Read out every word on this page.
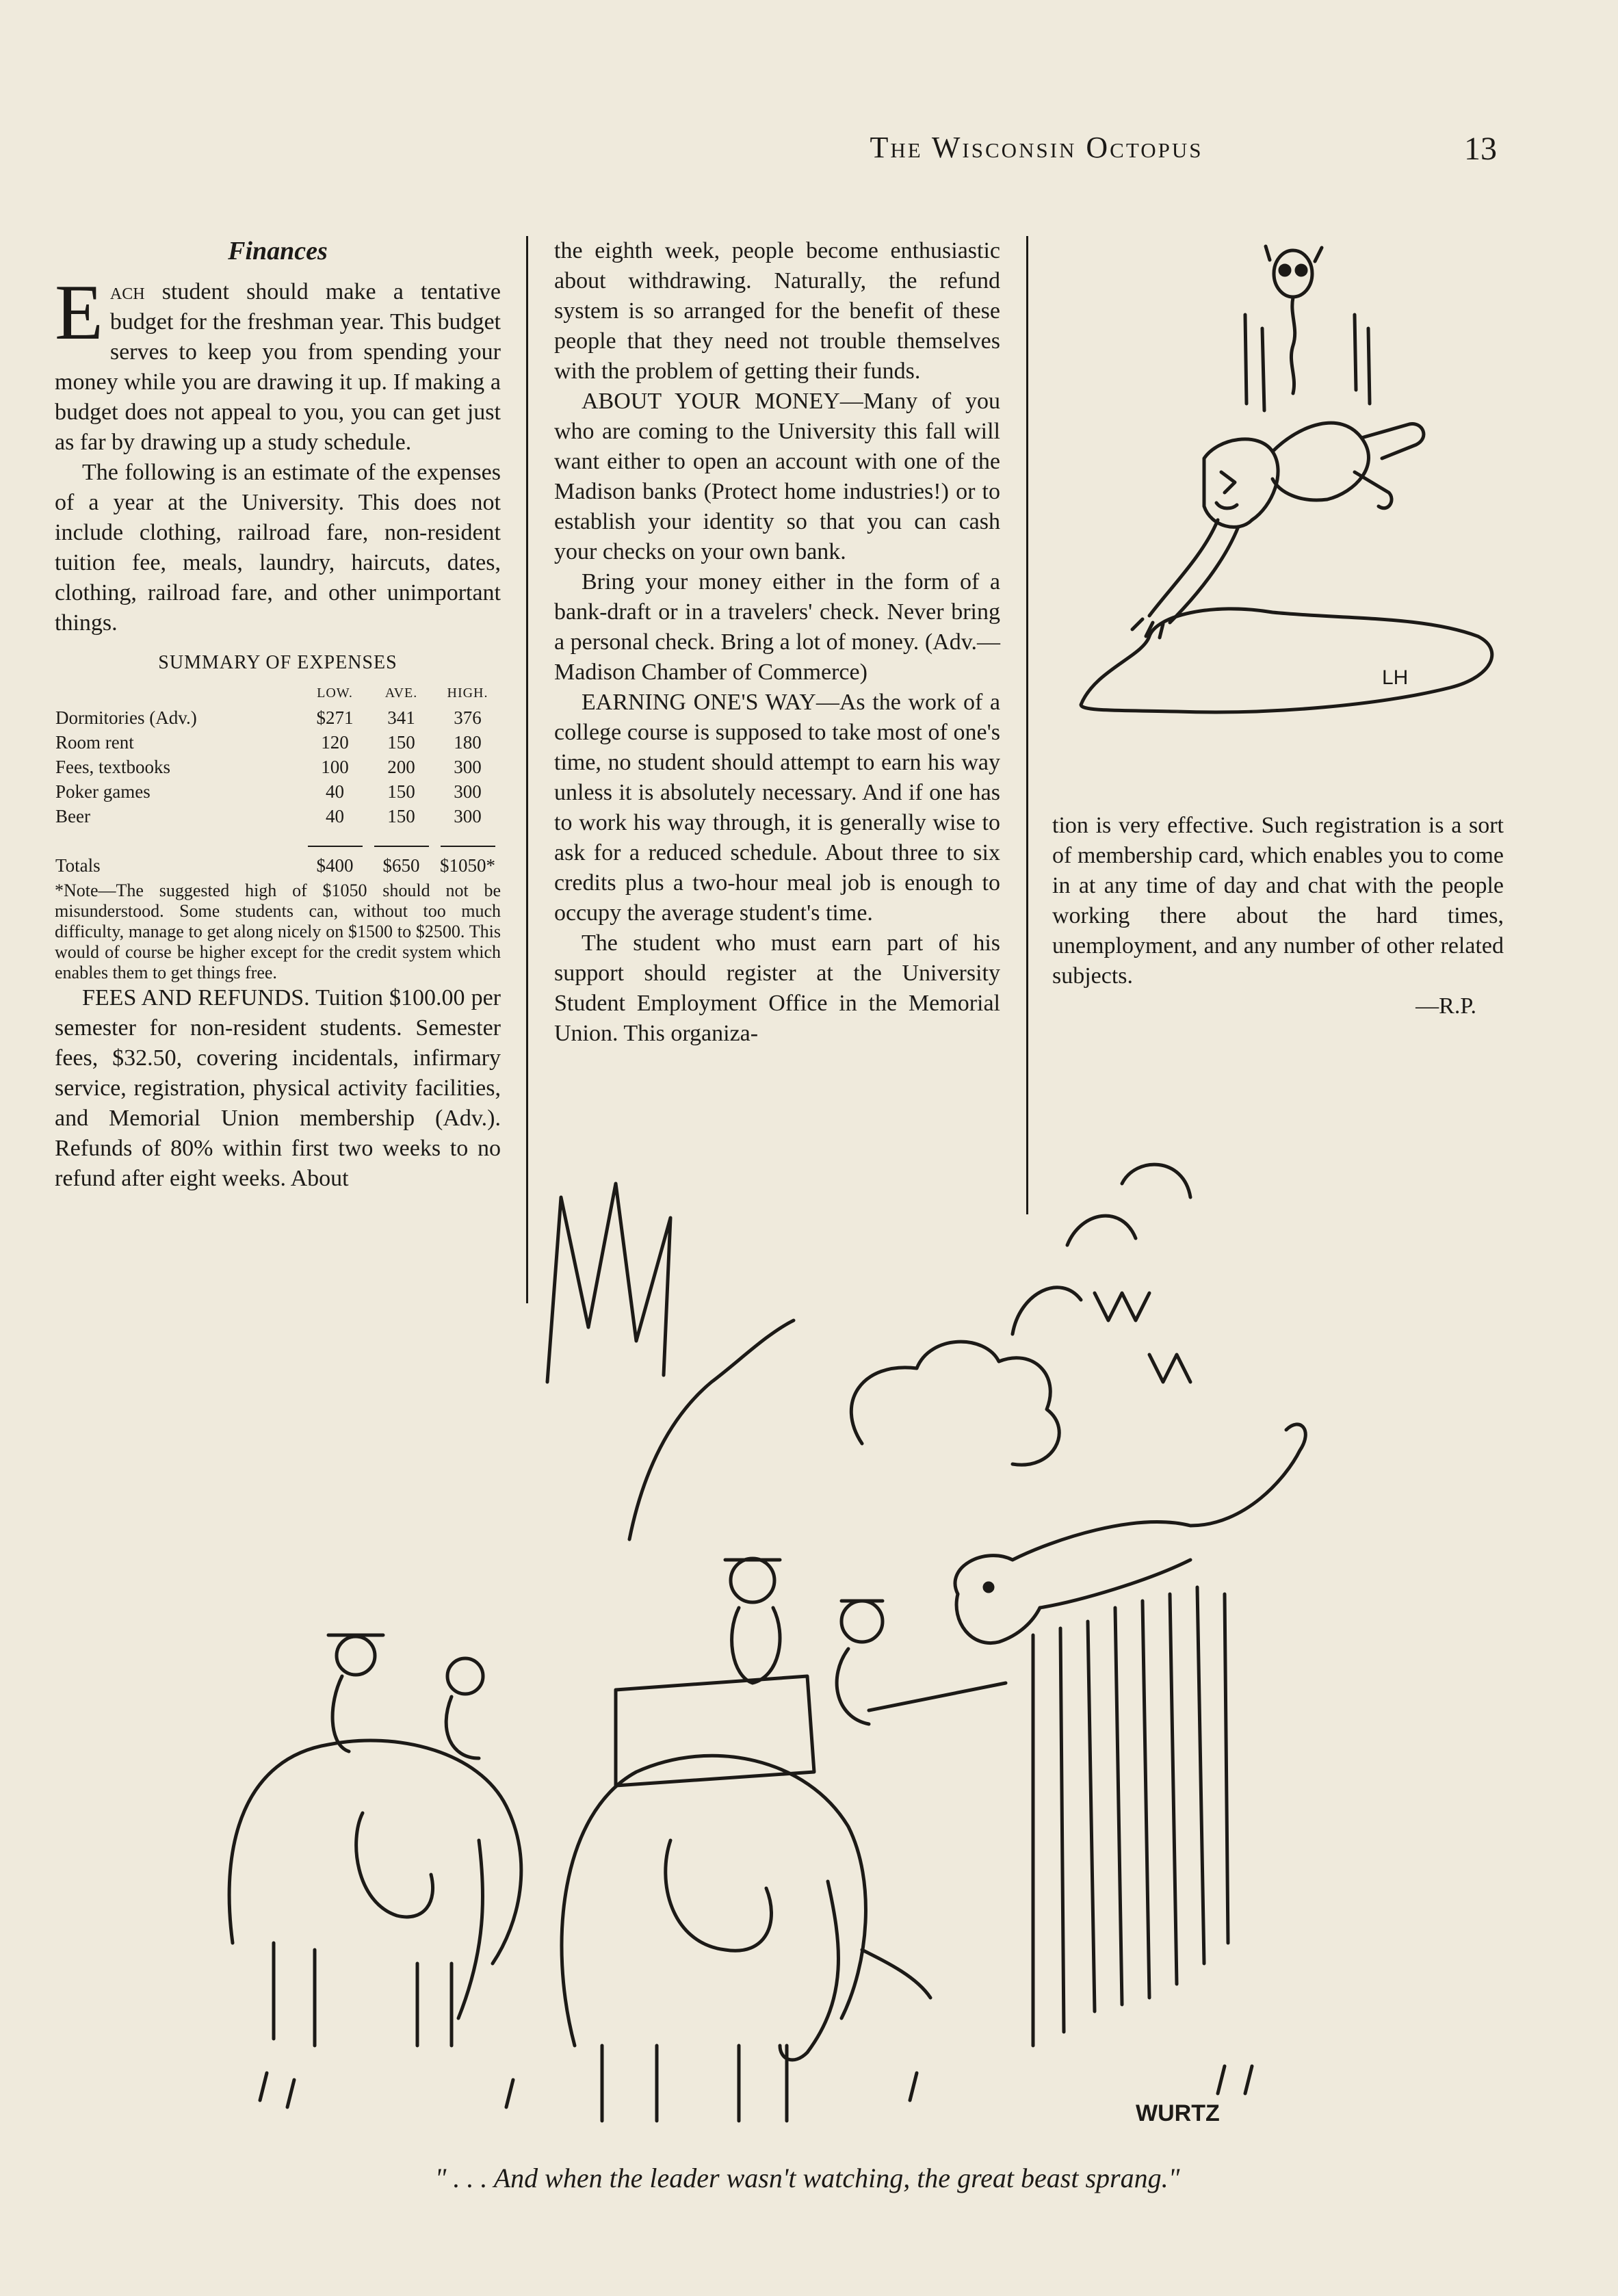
The Wisconsin Octopus	13
Finances

Each student should make a tentative budget for the freshman year. This budget serves to keep you from spending your money while you are drawing it up. If making a budget does not appeal to you, you can get just as far by drawing up a study schedule.

The following is an estimate of the expenses of a year at the University. This does not include clothing, railroad fare, non-resident tuition fee, meals, laundry, haircuts, dates, clothing, railroad fare, and other unimportant things.

SUMMARY OF EXPENSES
	LOW.	AVE.	HIGH.
Dormitories (Adv.)	$271	341	376
Room rent	120	150	180
Fees, textbooks	100	200	300
Poker games	40	150	300
Beer	40	150	300

Totals	$400	$650	$1050*
*Note—The suggested high of $1050 should not be misunderstood. Some students can, without too much difficulty, manage to get along nicely on $1500 to $2500. This would of course be higher except for the credit system which enables them to get things free.

FEES AND REFUNDS. Tuition $100.00 per semester for non-resident students. Semester fees, $32.50, covering incidentals, infirmary service, registration, physical activity facilities, and Memorial Union membership (Adv.). Refunds of 80% within first two weeks to no refund after eight weeks. About

the eighth week, people become enthusiastic about withdrawing. Naturally, the refund system is so arranged for the benefit of these people that they need not trouble themselves with the problem of getting their funds.

ABOUT YOUR MONEY—Many of you who are coming to the University this fall will want either to open an account with one of the Madison banks (Protect home industries!) or to establish your identity so that you can cash your checks on your own bank.

Bring your money either in the form of a bank-draft or in a travelers' check. Never bring a personal check. Bring a lot of money. (Adv.—Madison Chamber of Commerce)

EARNING ONE'S WAY—As the work of a college course is supposed to take most of one's time, no student should attempt to earn his way unless it is absolutely necessary. And if one has to work his way through, it is generally wise to ask for a reduced schedule. About three to six credits plus a two-hour meal job is enough to occupy the average student's time.

The student who must earn part of his support should register at the University Student Employment Office in the Memorial Union. This organiza-

tion is very effective. Such registration is a sort of membership card, which enables you to come in at any time of day and chat with the people working there about the hard times, unemployment, and any number of other related subjects.

—R.P.
LH
WURTZ
" . . . And when the leader wasn't watching, the great beast sprang."
